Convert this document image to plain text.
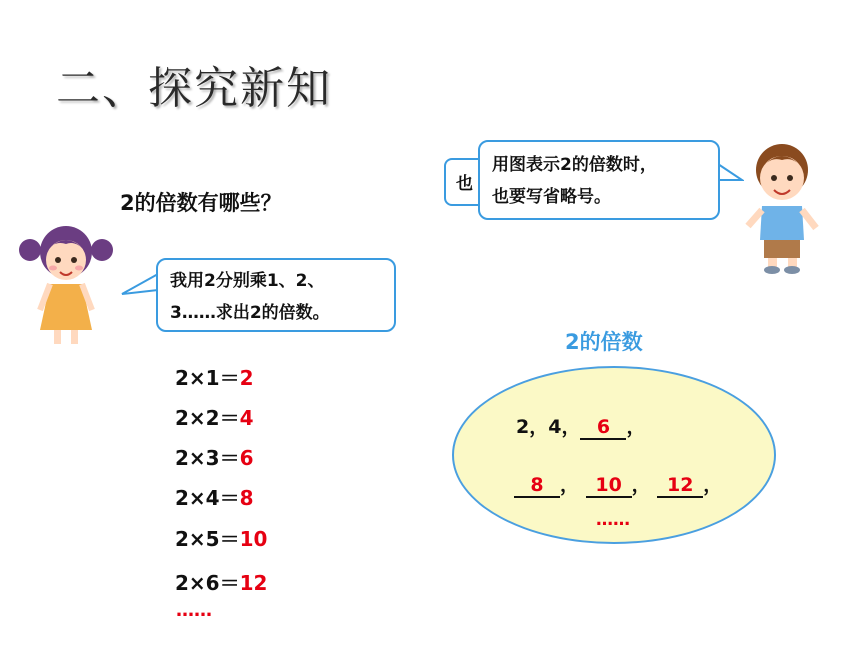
二、探究新知
2的倍数有哪些？
我用2分别乘1、2、
3……求出2的倍数。
也
用图表示2的倍数时，
也要写省略号。
2×1＝2
2×2＝4
2×3＝6
2×4＝8
2×5＝10
2×6＝12
……
2的倍数
2，4， 6 ，
8 ， 10 ， 12 ，
……
